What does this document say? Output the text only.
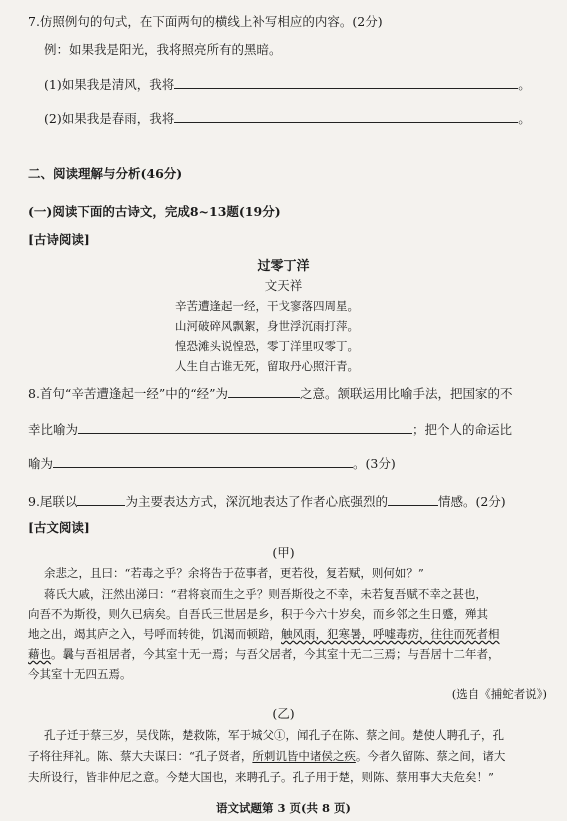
7.仿照例句的句式，在下面两句的横线上补写相应的内容。(2分)
例：如果我是阳光，我将照亮所有的黑暗。
(1)如果我是清风，我将	。
(2)如果我是春雨，我将	。
二、阅读理解与分析(46分)
(一)阅读下面的古诗文，完成8~13题(19分)
[古诗阅读]
过零丁洋
文天祥
辛苦遭逢起一经，干戈寥落四周星。
山河破碎风飘絮，身世浮沉雨打萍。
惶恐滩头说惶恐，零丁洋里叹零丁。
人生自古谁无死，留取丹心照汗青。
8.首句“辛苦遭逢起一经”中的“经”为	之意。颔联运用比喻手法，把国家的不
幸比喻为	；把个人的命运比
喻为	。(3分)
9.尾联以	为主要表达方式，深沉地表达了作者心底强烈的	情感。(2分)
[古文阅读]
(甲)
余悲之，且曰：“若毒之乎？余将告于莅事者，更若役，复若赋，则何如？”
蒋氏大戚，汪然出涕曰：“君将哀而生之乎？则吾斯役之不幸，未若复吾赋不幸之甚也，
向吾不为斯役，则久已病矣。自吾氏三世居是乡，积于今六十岁矣，而乡邻之生日蹙，殚其
地之出，竭其庐之入，号呼而转徙，饥渴而顿踣，触风雨，犯寒暑，呼嘘毒疠，往往而死者相
藉也。曩与吾祖居者，今其室十无一焉；与吾父居者，今其室十无二三焉；与吾居十二年者，
今其室十无四五焉。
(选自《捕蛇者说》)
(乙)
孔子迁于蔡三岁，吴伐陈，楚救陈，军于城父①，闻孔子在陈、蔡之间。楚使人聘孔子，孔
子将往拜礼。陈、蔡大夫谋曰：“孔子贤者，所刺讥皆中诸侯之疾。今者久留陈、蔡之间，诸大
夫所设行，皆非仲尼之意。今楚大国也，来聘孔子。孔子用于楚，则陈、蔡用事大夫危矣！”
语文试题第 3 页(共 8 页)
